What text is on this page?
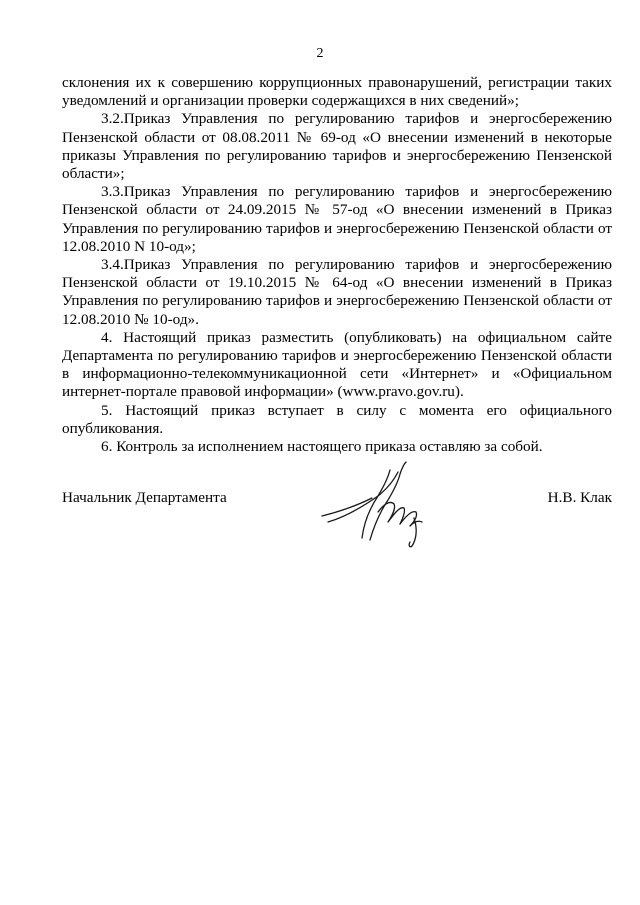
2

склонения их к совершению коррупционных правонарушений, регистрации таких уведомлений и организации проверки содержащихся в них сведений»;

3.2.Приказ Управления по регулированию тарифов и энергосбережению Пензенской области от 08.08.2011 № 69-од «О внесении изменений в некоторые приказы Управления по регулированию тарифов и энергосбережению Пензенской области»;

3.3.Приказ Управления по регулированию тарифов и энергосбережению Пензенской области от 24.09.2015 № 57-од «О внесении изменений в Приказ Управления по регулированию тарифов и энергосбережению Пензенской области от 12.08.2010 N 10-од»;

3.4.Приказ Управления по регулированию тарифов и энергосбережению Пензенской области от 19.10.2015 № 64-од «О внесении изменений в Приказ Управления по регулированию тарифов и энергосбережению Пензенской области от 12.08.2010 № 10-од».

4. Настоящий приказ разместить (опубликовать) на официальном сайте Департамента по регулированию тарифов и энергосбережению Пензенской области в информационно-телекоммуникационной сети «Интернет» и «Официальном интернет-портале правовой информации» (www.pravo.gov.ru).

5. Настоящий приказ вступает в силу с момента его официального опубликования.

6. Контроль за исполнением настоящего приказа оставляю за собой.

Начальник Департамента	Н.В. Клак
